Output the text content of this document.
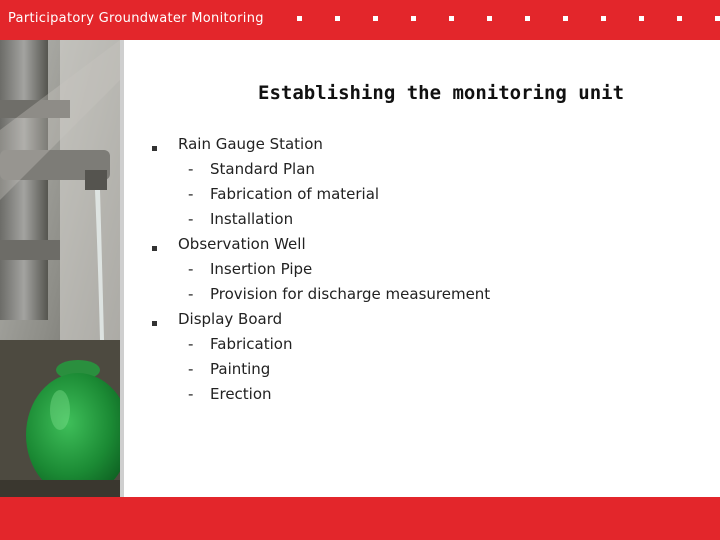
Participatory Groundwater Monitoring
Establishing the monitoring unit
Rain Gauge Station
- Standard Plan
- Fabrication of material
- Installation
Observation Well
- Insertion Pipe
- Provision for discharge measurement
Display Board
- Fabrication
- Painting
- Erection
